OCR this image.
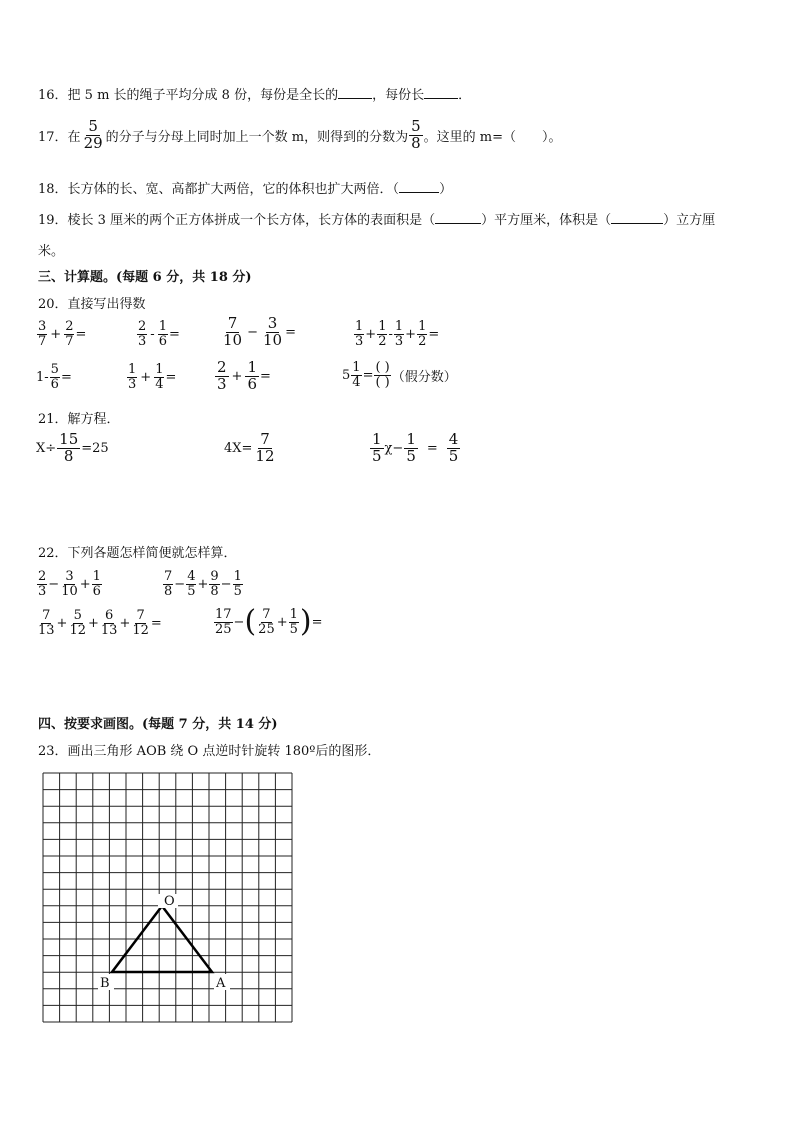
16．把 5 m 长的绳子平均分成 8 份，每份是全长的	，每份长	．
17． 在 $\frac{5}{29}$ 的分子与分母上同时加上一个数 m，则得到的分数为 $\frac{5}{8}$ 。这里的 m=（　　）。
18．长方体的长、宽、高都扩大两倍，它的体积也扩大两倍．（	）
19．棱长 3 厘米的两个正方体拼成一个长方体，长方体的表面积是（	）平方厘米，体积是（	）立方厘
米。
三、计算题。(每题 6 分，共 18 分)
20．直接写出得数
$\frac{3}{7} + \frac{2}{7}$ =	$\frac{2}{3} - \frac{1}{6}$ =	$\frac{7}{10} - \frac{3}{10}$ =	$\frac{1}{3} + \frac{1}{2} - \frac{1}{3} + \frac{1}{2}$ =
$1- \frac{5}{6}$ =	$\frac{1}{3} + \frac{1}{4}$ =	$\frac{2}{3} + \frac{1}{6}$ =	$5 \frac{1}{4} = \frac{( )}{( )}$ （假分数）
21．解方程．
$X\div \frac{15}{8} =25$	$4X= \frac{7}{12}$	$\frac{1}{5} \chi- \frac{1}{5} = \frac{4}{5}$
22．下列各题怎样简便就怎样算．
$\frac{2}{3} - \frac{3}{10} + \frac{1}{6}$	$\frac{7}{8} - \frac{4}{5} + \frac{9}{8} - \frac{1}{5}$
$\frac{7}{13} + \frac{5}{12} + \frac{6}{13} + \frac{7}{12}$ =	$\frac{17}{25}$ − ( $\frac{7}{25} + \frac{1}{5}$ ) =
四、按要求画图。(每题 7 分，共 14 分)
23．画出三角形 AOB 绕 O 点逆时针旋转 180º后的图形．
O
B	A
